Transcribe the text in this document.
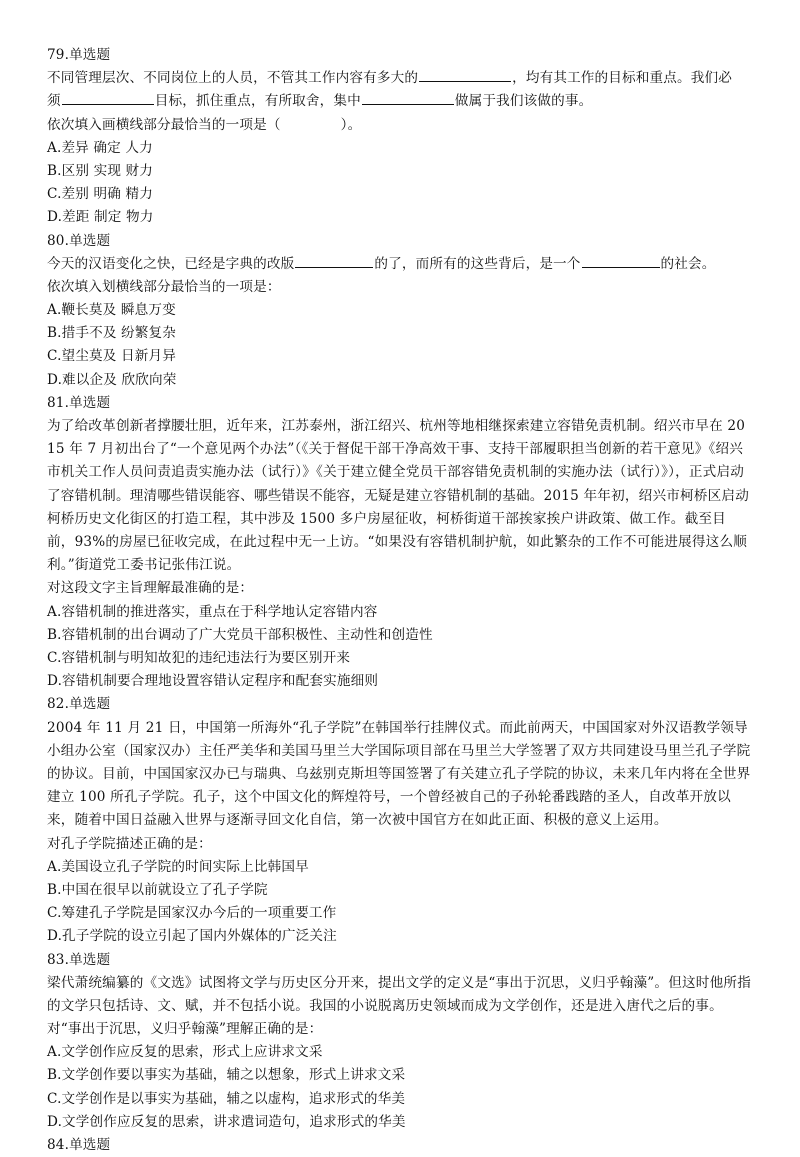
79.单选题
不同管理层次、不同岗位上的人员，不管其工作内容有多大的	，均有其工作的目标和重点。我们必
须	目标，抓住重点，有所取舍，集中	做属于我们该做的事。
依次填入画横线部分最恰当的一项是（	）。
A.差异 确定 人力
B.区别 实现 财力
C.差别 明确 精力
D.差距 制定 物力
80.单选题
今天的汉语变化之快，已经是字典的改版	的了，而所有的这些背后，是一个	的社会。
依次填入划横线部分最恰当的一项是：
A.鞭长莫及 瞬息万变
B.措手不及 纷繁复杂
C.望尘莫及 日新月异
D.难以企及 欣欣向荣
81.单选题
为了给改革创新者撑腰壮胆，近年来，江苏泰州，浙江绍兴、杭州等地相继探索建立容错免责机制。绍兴市早在 2015 年 7 月初出台了“一个意见两个办法”（《关于督促干部干净高效干事、支持干部履职担当创新的若干意见》《绍兴市机关工作人员问责追责实施办法（试行）》《关于建立健全党员干部容错免责机制的实施办法（试行）》），正式启动了容错机制。理清哪些错误能容、哪些错误不能容，无疑是建立容错机制的基础。2015 年年初，绍兴市柯桥区启动柯桥历史文化街区的打造工程，其中涉及 1500 多户房屋征收，柯桥街道干部挨家挨户讲政策、做工作。截至目前，93%的房屋已征收完成，在此过程中无一上访。“如果没有容错机制护航，如此繁杂的工作不可能进展得这么顺利。”街道党工委书记张伟江说。
对这段文字主旨理解最准确的是：
A.容错机制的推进落实，重点在于科学地认定容错内容
B.容错机制的出台调动了广大党员干部积极性、主动性和创造性
C.容错机制与明知故犯的违纪违法行为要区别开来
D.容错机制要合理地设置容错认定程序和配套实施细则
82.单选题
2004 年 11 月 21 日，中国第一所海外“孔子学院”在韩国举行挂牌仪式。而此前两天，中国国家对外汉语教学领导小组办公室（国家汉办）主任严美华和美国马里兰大学国际项目部在马里兰大学签署了双方共同建设马里兰孔子学院的协议。目前，中国国家汉办已与瑞典、乌兹别克斯坦等国签署了有关建立孔子学院的协议，未来几年内将在全世界建立 100 所孔子学院。孔子，这个中国文化的辉煌符号，一个曾经被自己的子孙轮番践踏的圣人，自改革开放以来，随着中国日益融入世界与逐渐寻回文化自信，第一次被中国官方在如此正面、积极的意义上运用。
对孔子学院描述正确的是：
A.美国设立孔子学院的时间实际上比韩国早
B.中国在很早以前就设立了孔子学院
C.筹建孔子学院是国家汉办今后的一项重要工作
D.孔子学院的设立引起了国内外媒体的广泛关注
83.单选题
梁代萧统编纂的《文选》试图将文学与历史区分开来，提出文学的定义是“事出于沉思，义归乎翰藻”。但这时他所指的文学只包括诗、文、赋，并不包括小说。我国的小说脱离历史领域而成为文学创作，还是进入唐代之后的事。
对“事出于沉思，义归乎翰藻”理解正确的是：
A.文学创作应反复的思索，形式上应讲求文采
B.文学创作要以事实为基础，辅之以想象，形式上讲求文采
C.文学创作是以事实为基础，辅之以虚构，追求形式的华美
D.文学创作应反复的思索，讲求遣词造句，追求形式的华美
84.单选题
